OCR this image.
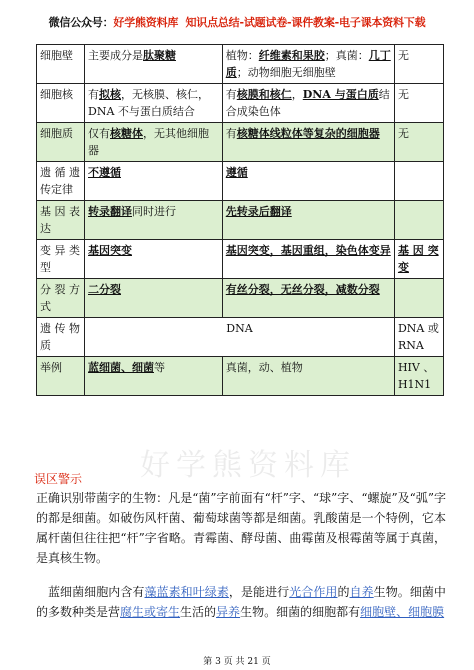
微信公众号：好学熊资料库 知识点总结-试题试卷-课件教案-电子课本资料下载
细胞壁	主要成分是肽聚糖	植物：纤维素和果胶；真菌：几丁质；动物细胞无细胞壁	无
细胞核	有拟核，无核膜、核仁，DNA 不与蛋白质结合	有核膜和核仁，DNA 与蛋白质结合成染色体	无
细胞质	仅有核糖体，无其他细胞器	有核糖体线粒体等复杂的细胞器	无
遗 循 遗 传定律	不遵循	遵循	
基 因 表 达	转录翻译同时进行	先转录后翻译	
变 异 类 型	基因突变	基因突变，基因重组，染色体变异	基 因 突 变
分 裂 方 式	二分裂	有丝分裂，无丝分裂，减数分裂	
遗 传 物 质	DNA		DNA 或 RNA
举例	蓝细菌、细菌等	真菌，动、植物	HIV 、 H1N1
好学熊资料库
误区警示

正确识别带菌字的生物：凡是“菌”字前面有“杆”字、“球”字、“螺旋”及“弧”字的都是细菌。如破伤风杆菌、葡萄球菌等都是细菌。乳酸菌是一个特例，它本属杆菌但往往把“杆”字省略。青霉菌、酵母菌、曲霉菌及根霉菌等属于真菌，是真核生物。

蓝细菌细胞内含有藻蓝素和叶绿素，是能进行光合作用的自养生物。细菌中的多数种类是营腐生或寄生生活的异养生物。细菌的细胞都有细胞壁、细胞膜

第 3 页 共 21 页
